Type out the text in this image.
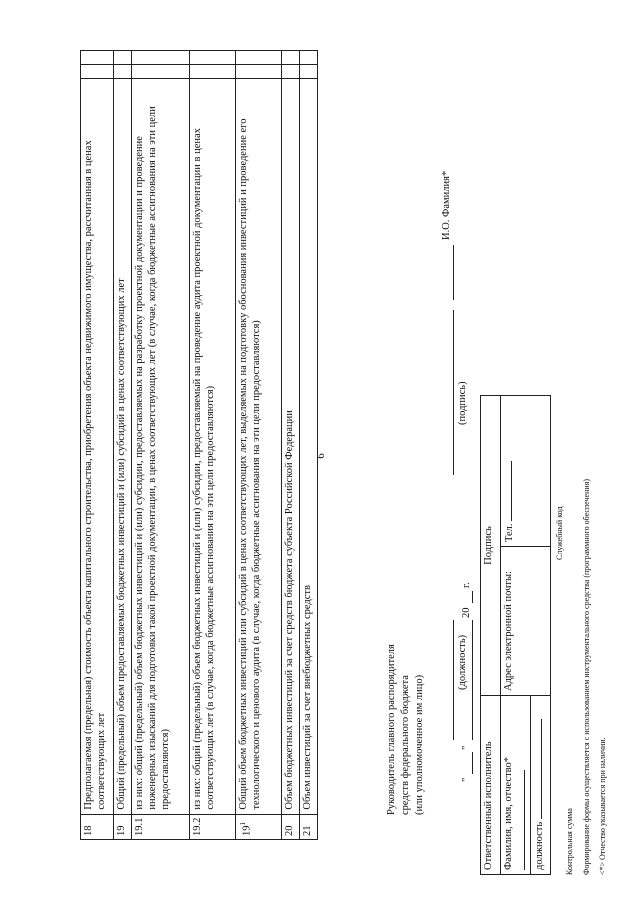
6
18	Предполагаемая (предельная) стоимость объекта капитального строительства, приобретения объекта недвижимого имущества, рассчитанная в ценах соответствующих лет		
19	Общий (предельный) объем предоставляемых бюджетных инвестиций и (или) субсидий в ценах соответствующих лет		
19.1	из них: общий (предельный) объем бюджетных инвестиций и (или) субсидии, предоставляемых на разработку проектной документации и проведение инженерных изысканий для подготовки такой проектной документации, в ценах соответствующих лет (в случае, когда бюджетные ассигнования на эти цели предоставляются)		
19.2	из них: общий (предельный) объем бюджетных инвестиций и (или) субсидии, предоставляемый на проведение аудита проектной документации в ценах соответствующих лет (в случае, когда бюджетные ассигнования на эти цели предоставляются)		
$19^1$	Общий объем бюджетных инвестиций или субсидий в ценах соответствующих лет, выделяемых на подготовку обоснования инвестиций и проведение его технологического и ценового аудита (в случае, когда бюджетные ассигнования на эти цели предоставляются)		
20	Объем бюджетных инвестиций за счет средств бюджета субъекта Российской Федерации		
21	Объем инвестиций за счет внебюджетных средств			Руководитель главного распорядителя средств федерального бюджета (или уполномоченное им лицо)
(должность)
(подпись)
И.О. Фамилия*
"
"
20
г.
Ответственный исполнитель	Подпись	
Фамилия, имя, отчество*	Адрес электронной почты:	Тел.
должность		
Служебный код
Контрольная сумма Формирование формы осуществляется с использованием инструментального средства (программного обеспечения) <*> Отчество указывается при наличии.
